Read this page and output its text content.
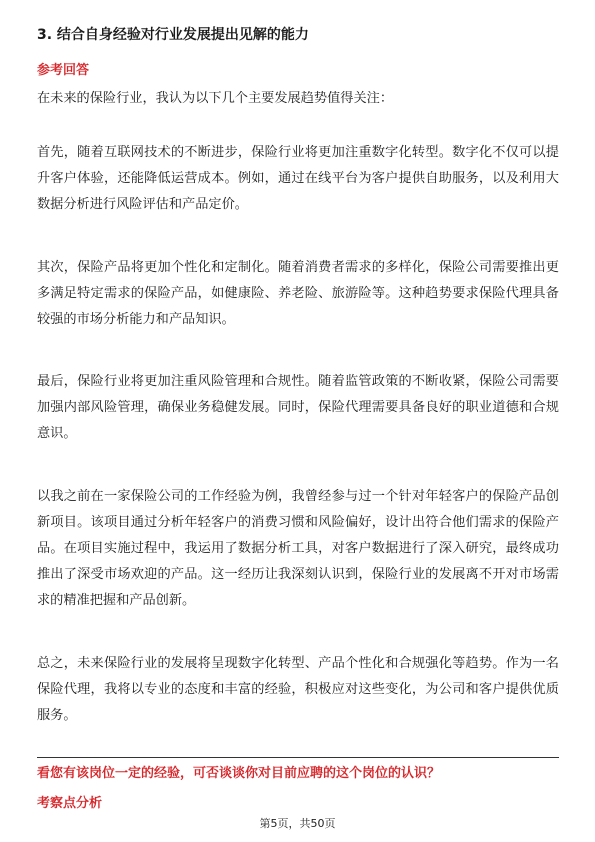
3. 结合自身经验对行业发展提出见解的能力
参考回答
在未来的保险行业，我认为以下几个主要发展趋势值得关注：
首先，随着互联网技术的不断进步，保险行业将更加注重数字化转型。数字化不仅可以提升客户体验，还能降低运营成本。例如，通过在线平台为客户提供自助服务，以及利用大数据分析进行风险评估和产品定价。
其次，保险产品将更加个性化和定制化。随着消费者需求的多样化，保险公司需要推出更多满足特定需求的保险产品，如健康险、养老险、旅游险等。这种趋势要求保险代理具备较强的市场分析能力和产品知识。
最后，保险行业将更加注重风险管理和合规性。随着监管政策的不断收紧，保险公司需要加强内部风险管理，确保业务稳健发展。同时，保险代理需要具备良好的职业道德和合规意识。
以我之前在一家保险公司的工作经验为例，我曾经参与过一个针对年轻客户的保险产品创新项目。该项目通过分析年轻客户的消费习惯和风险偏好，设计出符合他们需求的保险产品。在项目实施过程中，我运用了数据分析工具，对客户数据进行了深入研究，最终成功推出了深受市场欢迎的产品。这一经历让我深刻认识到，保险行业的发展离不开对市场需求的精准把握和产品创新。
总之，未来保险行业的发展将呈现数字化转型、产品个性化和合规强化等趋势。作为一名保险代理，我将以专业的态度和丰富的经验，积极应对这些变化，为公司和客户提供优质服务。
看您有该岗位一定的经验，可否谈谈你对目前应聘的这个岗位的认识？
考察点分析
第5页，共50页
